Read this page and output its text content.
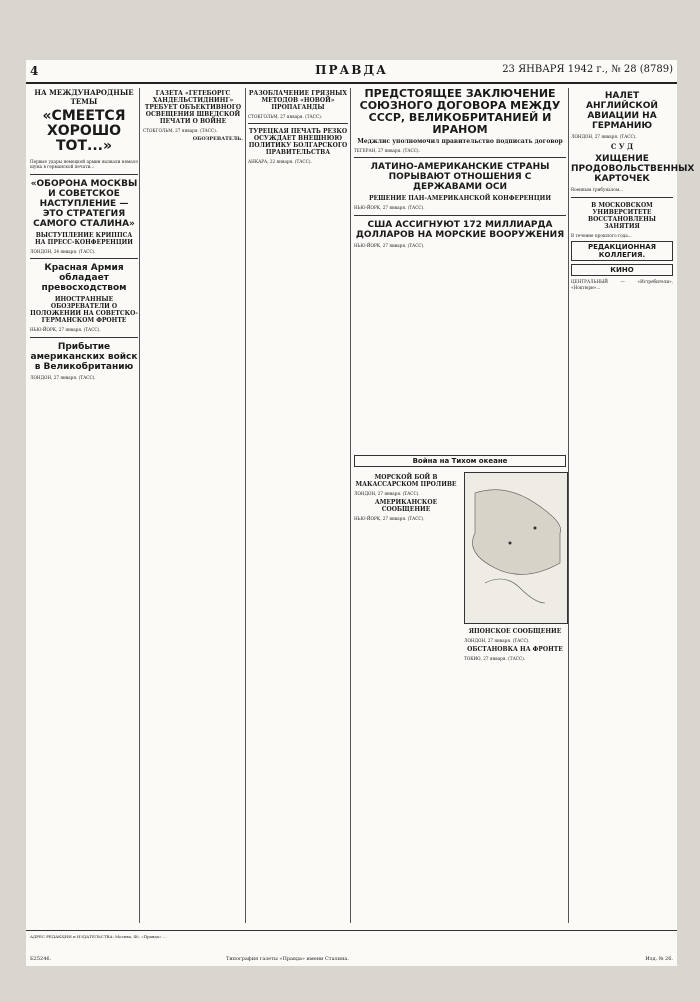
4	ПРАВДА	23 ЯНВАРЯ 1942 г., № 28 (8789)
НА МЕЖДУНАРОДНЫЕ ТЕМЫ
«СМЕЕТСЯ ХОРОШО ТОТ...»

Первые удары немецкой армии вызвали немало шума в германской печати...

«ОБОРОНА МОСКВЫ И СОВЕТСКОЕ НАСТУПЛЕНИЕ — ЭТО СТРАТЕГИЯ САМОГО СТАЛИНА»
ВЫСТУПЛЕНИЕ КРИППСА НА ПРЕСС-КОНФЕРЕНЦИИ

ЛОНДОН, 24 января. (ТАСС).

Красная Армия обладает превосходством
ИНОСТРАННЫЕ ОБОЗРЕВАТЕЛИ О ПОЛОЖЕНИИ НА СОВЕТСКО-ГЕРМАНСКОМ ФРОНТЕ

НЬЮ-ЙОРК, 27 января. (ТАСС).

Прибытие американских войск в Великобританию

ЛОНДОН, 27 января. (ТАСС).

ГАЗЕТА «ГЕТЕБОРГС ХАНДЕЛЬСТИДНИНГ» ТРЕБУЕТ ОБЪЕКТИВНОГО ОСВЕЩЕНИЯ ШВЕДСКОЙ ПЕЧАТИ О ВОЙНЕ

СТОКГОЛЬМ, 27 января. (ТАСС).

ОБОЗРЕВАТЕЛЬ.
РАЗОБЛАЧЕНИЕ ГРЯЗНЫХ МЕТОДОВ «НОВОЙ» ПРОПАГАНДЫ

СТОКГОЛЬМ, 27 января. (ТАСС).

ТУРЕЦКАЯ ПЕЧАТЬ РЕЗКО ОСУЖДАЕТ ВНЕШНЮЮ ПОЛИТИКУ БОЛГАРСКОГО ПРАВИТЕЛЬСТВА

АНКАРА, 22 января. (ТАСС).

ПРЕДСТОЯЩЕЕ ЗАКЛЮЧЕНИЕ СОЮЗНОГО ДОГОВОРА МЕЖДУ СССР, ВЕЛИКОБРИТАНИЕЙ И ИРАНОМ
Меджлис уполномочил правительство подписать договор

ТЕГЕРАН, 27 января. (ТАСС).

ЛАТИНО-АМЕРИКАНСКИЕ СТРАНЫ ПОРЫВАЮТ ОТНОШЕНИЯ С ДЕРЖАВАМИ ОСИ
РЕШЕНИЕ ПАН-АМЕРИКАНСКОЙ КОНФЕРЕНЦИИ

НЬЮ-ЙОРК, 27 января. (ТАСС).

США АССИГНУЮТ 172 МИЛЛИАРДА ДОЛЛАРОВ НА МОРСКИЕ ВООРУЖЕНИЯ

НЬЮ-ЙОРК, 27 января. (ТАСС).

Война на Тихом океане
МОРСКОЙ БОЙ В МАКАССАРСКОМ ПРОЛИВЕ

ЛОНДОН, 27 января. (ТАСС).

АМЕРИКАНСКОЕ СООБЩЕНИЕ

НЬЮ-ЙОРК, 27 января. (ТАСС).

ЯПОНСКОЕ СООБЩЕНИЕ

ЛОНДОН, 27 января. (ТАСС).

ОБСТАНОВКА НА ФРОНТЕ

ТОКИО, 27 января. (ТАСС).

НАЛЕТ АНГЛИЙСКОЙ АВИАЦИИ НА ГЕРМАНИЮ

ЛОНДОН, 27 января. (ТАСС).

С У Д
ХИЩЕНИЕ ПРОДОВОЛЬСТВЕННЫХ КАРТОЧЕК

Военным трибуналом...

В МОСКОВСКОМ УНИВЕРСИТЕТЕ ВОССТАНОВЛЕНЫ ЗАНЯТИЯ

В течение прошлого года...

РЕДАКЦИОННАЯ КОЛЛЕГИЯ.
КИНО

ЦЕНТРАЛЬНЫЙ — «Истребители», «Ноктюрн»...

АДРЕС РЕДАКЦИИ и ИЗДАТЕЛЬСТВА: Москва, 40, «Правда» ...
Б25246.	Типография газеты «Правда» имени Сталина.	Изд. № 26.
